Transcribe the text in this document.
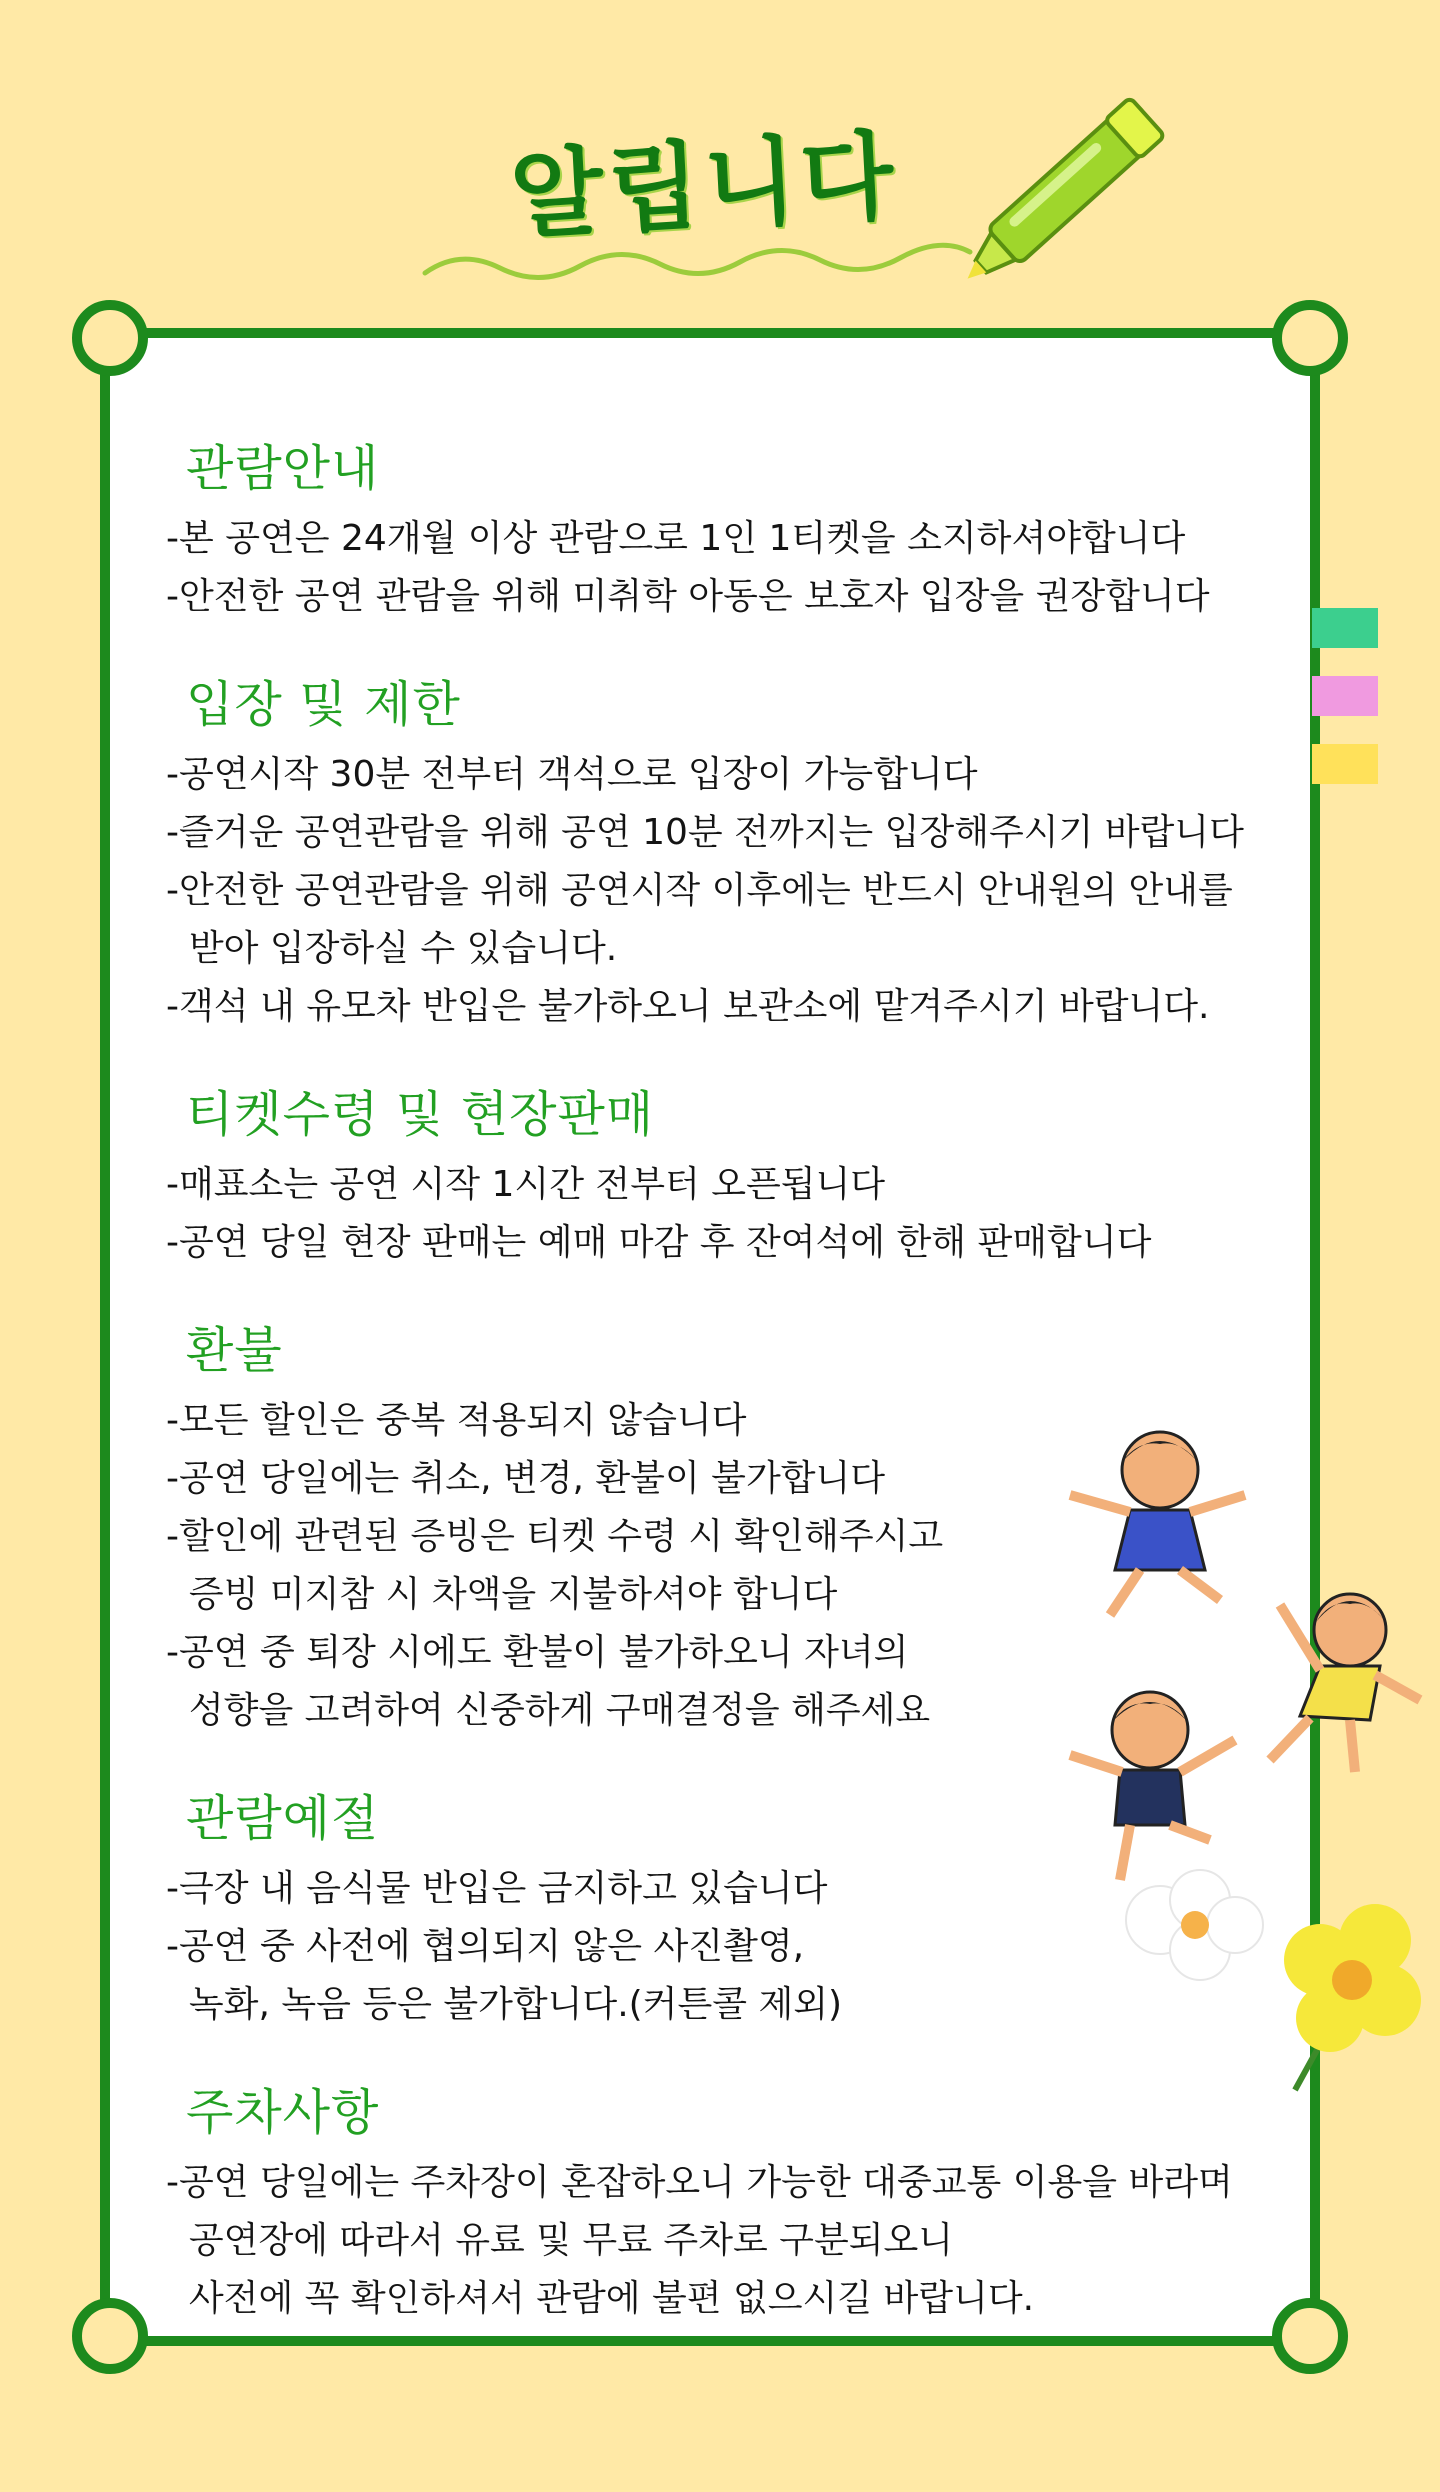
알립니다
관람안내
-본 공연은 24개월 이상 관람으로 1인 1티켓을 소지하셔야합니다
-안전한 공연 관람을 위해 미취학 아동은 보호자 입장을 권장합니다
입장 및 제한
-공연시작 30분 전부터 객석으로 입장이 가능합니다
-즐거운 공연관람을 위해 공연 10분 전까지는 입장해주시기 바랍니다
-안전한 공연관람을 위해 공연시작 이후에는 반드시 안내원의 안내를
받아 입장하실 수 있습니다.
-객석 내 유모차 반입은 불가하오니 보관소에 맡겨주시기 바랍니다.
티켓수령 및 현장판매
-매표소는 공연 시작 1시간 전부터 오픈됩니다
-공연 당일 현장 판매는 예매 마감 후 잔여석에 한해 판매합니다
환불
-모든 할인은 중복 적용되지 않습니다
-공연 당일에는 취소, 변경, 환불이 불가합니다
-할인에 관련된 증빙은 티켓 수령 시 확인해주시고
증빙 미지참 시 차액을 지불하셔야 합니다
-공연 중 퇴장 시에도 환불이 불가하오니 자녀의
성향을 고려하여 신중하게 구매결정을 해주세요
관람예절
-극장 내 음식물 반입은 금지하고 있습니다
-공연 중 사전에 협의되지 않은 사진촬영,
녹화, 녹음 등은 불가합니다.(커튼콜 제외)
주차사항
-공연 당일에는 주차장이 혼잡하오니 가능한 대중교통 이용을 바라며
공연장에 따라서 유료 및 무료 주차로 구분되오니
사전에 꼭 확인하셔서 관람에 불편 없으시길 바랍니다.
